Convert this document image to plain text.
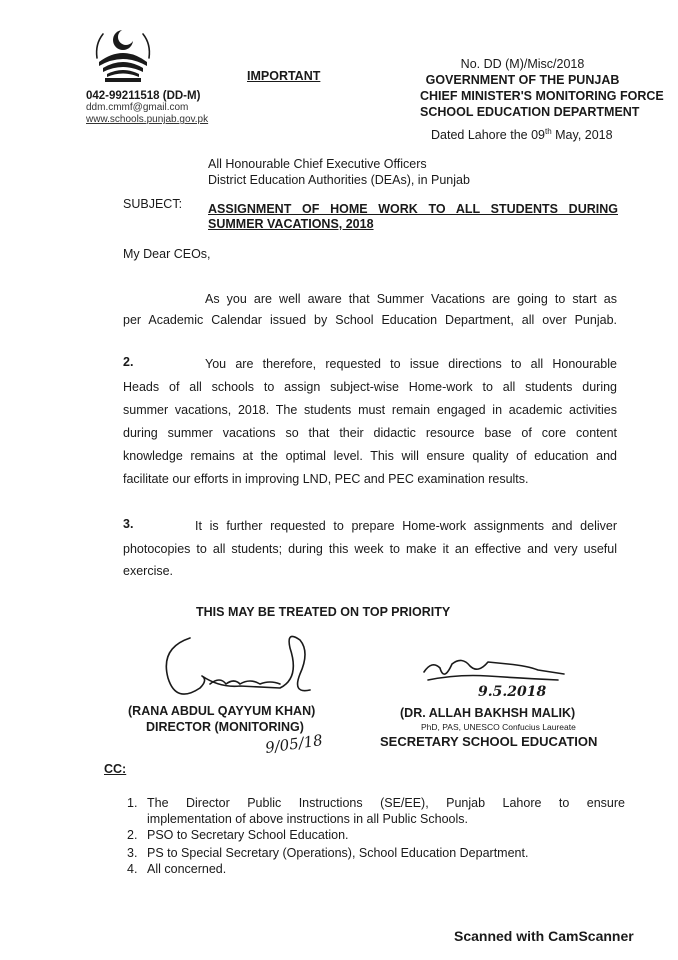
042-99211518 (DD-M)
ddm.cmmf@gmail.com
www.schools.punjab.gov.pk
IMPORTANT
No. DD (M)/Misc/2018
GOVERNMENT OF THE PUNJAB
CHIEF MINISTER'S MONITORING FORCE
SCHOOL EDUCATION DEPARTMENT
Dated Lahore the 09th May, 2018
All Honourable Chief Executive Officers
District Education Authorities (DEAs), in Punjab
SUBJECT: ASSIGNMENT OF HOME WORK TO ALL STUDENTS DURING
SUMMER VACATIONS, 2018
My Dear CEOs,
As you are well aware that Summer Vacations are going to start as
per Academic Calendar issued by School Education Department, all over Punjab.
2.	You are therefore, requested to issue directions to all Honourable
Heads of all schools to assign subject-wise Home-work to all students during
summer vacations, 2018. The students must remain engaged in academic activities
during summer vacations so that their didactic resource base of core content
knowledge remains at the optimal level. This will ensure quality of education and
facilitate our efforts in improving LND, PEC and PEC examination results.
3.	It is further requested to prepare Home-work assignments and deliver
photocopies to all students; during this week to make it an effective and very useful
exercise.
THIS MAY BE TREATED ON TOP PRIORITY
9.5.2018
(RANA ABDUL QAYYUM KHAN)
DIRECTOR (MONITORING)
9/05/18
(DR. ALLAH BAKHSH MALIK)
PhD, PAS, UNESCO Confucius Laureate
SECRETARY SCHOOL EDUCATION
CC:
1. The Director Public Instructions (SE/EE), Punjab Lahore to ensure
implementation of above instructions in all Public Schools.
2. PSO to Secretary School Education.
3. PS to Special Secretary (Operations), School Education Department.
4. All concerned.
Scanned with CamScanner
